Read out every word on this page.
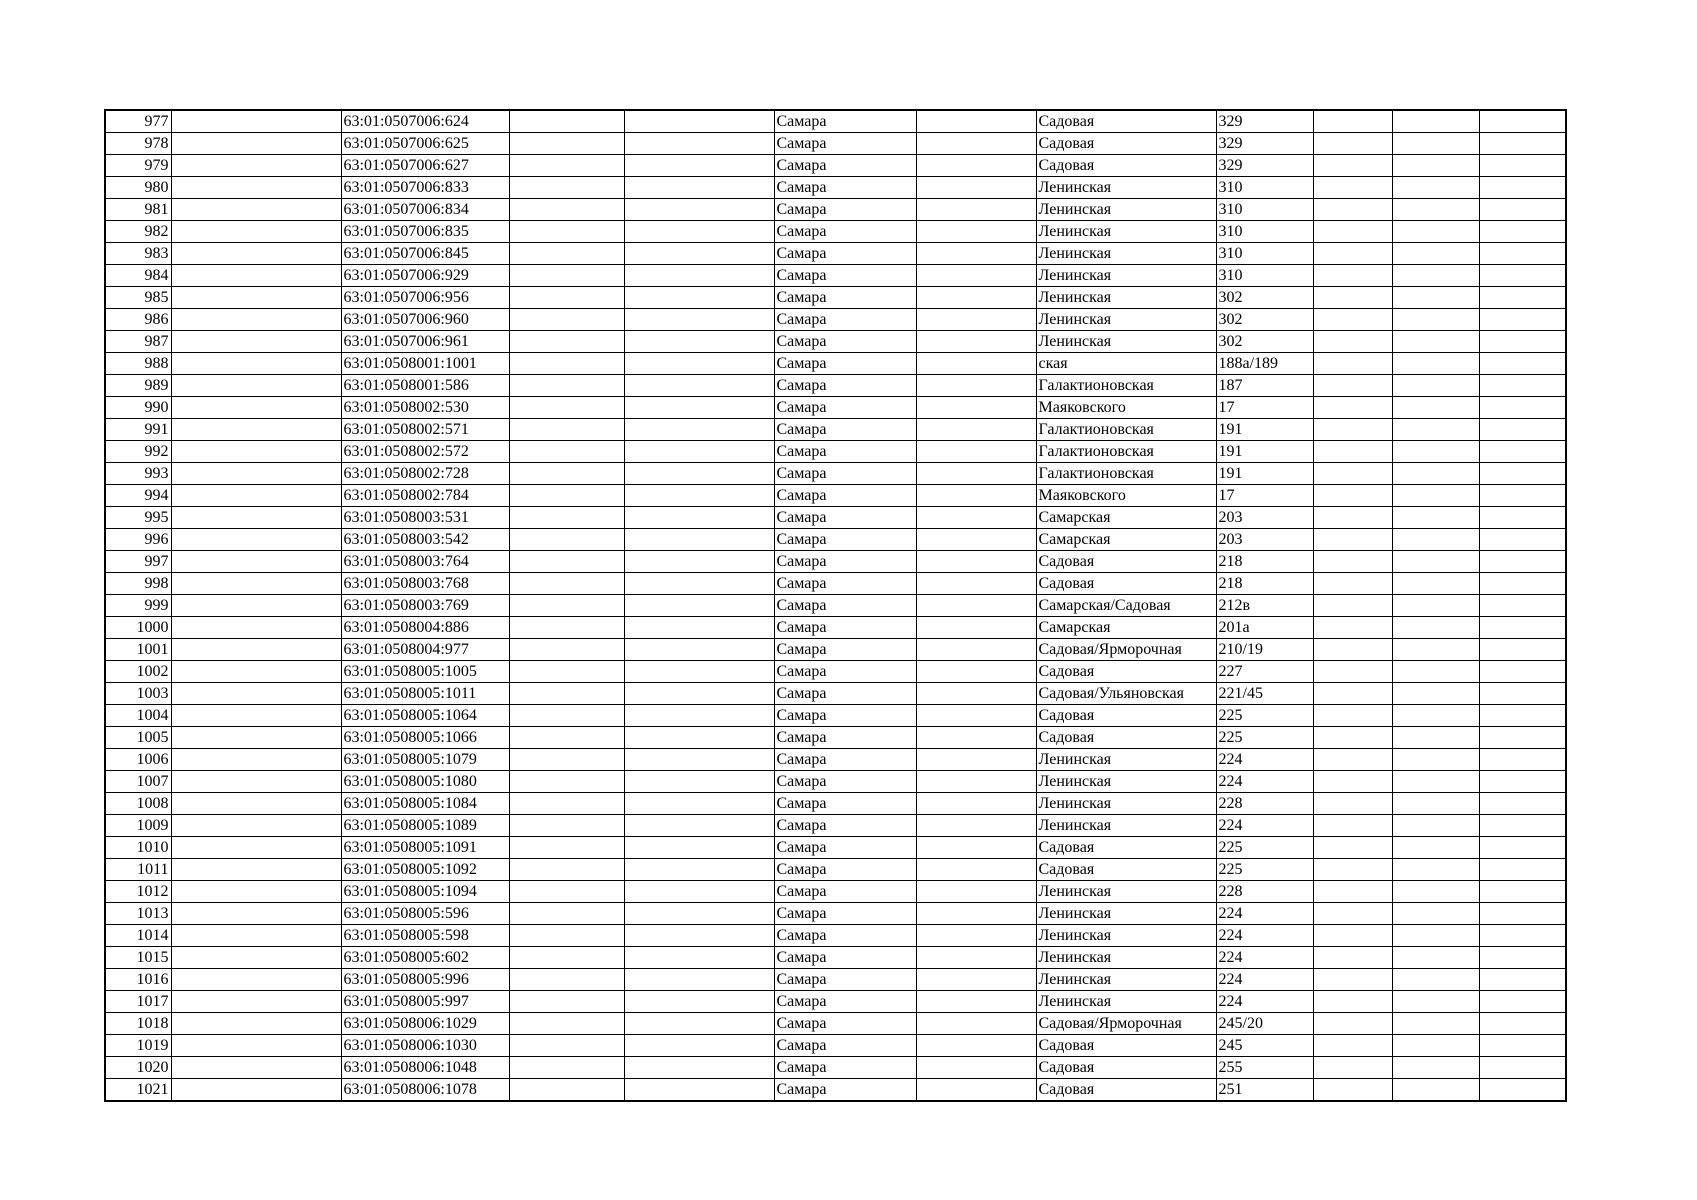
977		63:01:0507006:624			Самара		Садовая	329			
978		63:01:0507006:625			Самара		Садовая	329			
979		63:01:0507006:627			Самара		Садовая	329			
980		63:01:0507006:833			Самара		Ленинская	310			
981		63:01:0507006:834			Самара		Ленинская	310			
982		63:01:0507006:835			Самара		Ленинская	310			
983		63:01:0507006:845			Самара		Ленинская	310			
984		63:01:0507006:929			Самара		Ленинская	310			
985		63:01:0507006:956			Самара		Ленинская	302			
986		63:01:0507006:960			Самара		Ленинская	302			
987		63:01:0507006:961			Самара		Ленинская	302			
988		63:01:0508001:1001			Самара		ская	188а/189			
989		63:01:0508001:586			Самара		Галактионовская	187			
990		63:01:0508002:530			Самара		Маяковского	17			
991		63:01:0508002:571			Самара		Галактионовская	191			
992		63:01:0508002:572			Самара		Галактионовская	191			
993		63:01:0508002:728			Самара		Галактионовская	191			
994		63:01:0508002:784			Самара		Маяковского	17			
995		63:01:0508003:531			Самара		Самарская	203			
996		63:01:0508003:542			Самара		Самарская	203			
997		63:01:0508003:764			Самара		Садовая	218			
998		63:01:0508003:768			Самара		Садовая	218			
999		63:01:0508003:769			Самара		Самарская/Садовая	212в			
1000		63:01:0508004:886			Самара		Самарская	201а			
1001		63:01:0508004:977			Самара		Садовая/Ярморочная	210/19			
1002		63:01:0508005:1005			Самара		Садовая	227			
1003		63:01:0508005:1011			Самара		Садовая/Ульяновская	221/45			
1004		63:01:0508005:1064			Самара		Садовая	225			
1005		63:01:0508005:1066			Самара		Садовая	225			
1006		63:01:0508005:1079			Самара		Ленинская	224			
1007		63:01:0508005:1080			Самара		Ленинская	224			
1008		63:01:0508005:1084			Самара		Ленинская	228			
1009		63:01:0508005:1089			Самара		Ленинская	224			
1010		63:01:0508005:1091			Самара		Садовая	225			
1011		63:01:0508005:1092			Самара		Садовая	225			
1012		63:01:0508005:1094			Самара		Ленинская	228			
1013		63:01:0508005:596			Самара		Ленинская	224			
1014		63:01:0508005:598			Самара		Ленинская	224			
1015		63:01:0508005:602			Самара		Ленинская	224			
1016		63:01:0508005:996			Самара		Ленинская	224			
1017		63:01:0508005:997			Самара		Ленинская	224			
1018		63:01:0508006:1029			Самара		Садовая/Ярморочная	245/20			
1019		63:01:0508006:1030			Самара		Садовая	245			
1020		63:01:0508006:1048			Самара		Садовая	255			
1021		63:01:0508006:1078			Самара		Садовая	251			
